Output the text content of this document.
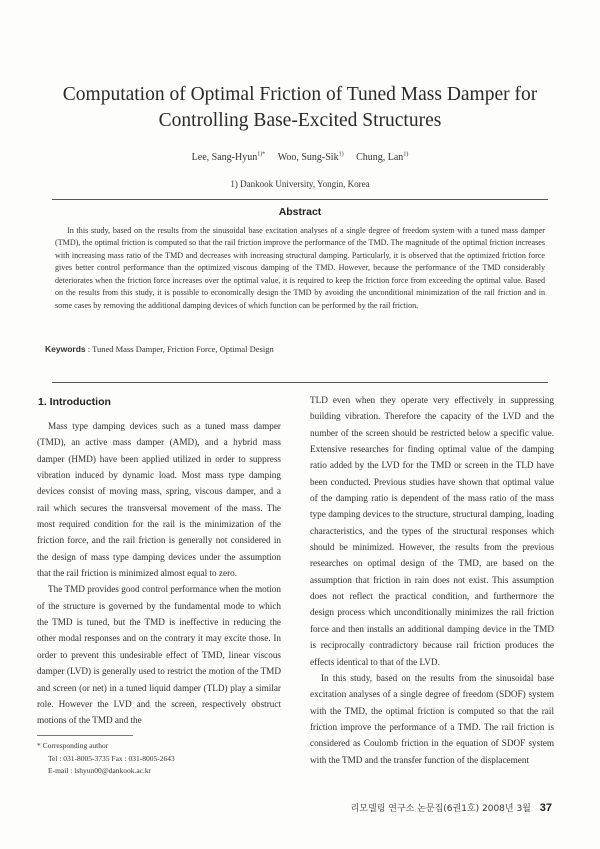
Computation of Optimal Friction of Tuned Mass Damper for
Controlling Base-Excited Structures
Lee, Sang-Hyun$^{1)*}$ Woo, Sung-Sik$^{1)}$ Chung, Lan$^{1)}$
1) Dankook University, Yongin, Korea
Abstract
In this study, based on the results from the sinusoidal base excitation analyses of a single degree of freedom system with a tuned mass damper (TMD), the optimal friction is computed so that the rail friction improve the performance of the TMD. The magnitude of the optimal friction increases with increasing mass ratio of the TMD and decreases with increasing structural damping. Particularly, it is observed that the optimized friction force gives better control performance than the optimized viscous damping of the TMD. However, because the performance of the TMD considerably deteriorates when the friction force increases over the optimal value, it is required to keep the friction force from exceeding the optimal value. Based on the results from this study, it is possible to economically design the TMD by avoiding the unconditional minimization of the rail friction and in some cases by removing the additional damping devices of which function can be performed by the rail friction.
Keywords : Tuned Mass Damper, Friction Force, Optimal Design
1. Introduction

Mass type damping devices such as a tuned mass damper (TMD), an active mass damper (AMD), and a hybrid mass damper (HMD) have been applied utilized in order to suppress vibration induced by dynamic load. Most mass type damping devices consist of moving mass, spring, viscous damper, and a rail which secures the transversal movement of the mass. The most required condition for the rail is the minimization of the friction force, and the rail friction is generally not considered in the design of mass type damping devices under the assumption that the rail friction is minimized almost equal to zero.

The TMD provides good control performance when the motion of the structure is governed by the fundamental mode to which the TMD is tuned, but the TMD is ineffective in reducing the other modal responses and on the contrary it may excite those. In order to prevent this undesirable effect of TMD, linear viscous damper (LVD) is generally used to restrict the motion of the TMD and screen (or net) in a tuned liquid damper (TLD) play a similar role. However the LVD and the screen, respectively obstruct motions of the TMD and the

TLD even when they operate very effectively in suppressing building vibration. Therefore the capacity of the LVD and the number of the screen should be restricted below a specific value. Extensive researches for finding optimal value of the damping ratio added by the LVD for the TMD or screen in the TLD have been conducted. Previous studies have shown that optimal value of the damping ratio is dependent of the mass ratio of the mass type damping devices to the structure, structural damping, loading characteristics, and the types of the structural responses which should be minimized. However, the results from the previous researches on optimal design of the TMD, are based on the assumption that friction in rain does not exist. This assumption does not reflect the practical condition, and furthermore the design process which unconditionally minimizes the rail friction force and then installs an additional damping device in the TMD is reciprocally contradictory because rail friction produces the effects identical to that of the LVD.

In this study, based on the results from the sinusoidal base excitation analyses of a single degree of freedom (SDOF) system with the TMD, the optimal friction is computed so that the rail friction improve the performance of a TMD. The rail friction is considered as Coulomb friction in the equation of SDOF system with the TMD and the transfer function of the displacement

* Corresponding author
Tel : 031-8005-3735 Fax : 031-8005-2643
E-mail : lshyun00@dankook.ac.kr
리모델링 연구소 논문집(6권1호) 2008년 3월 37
